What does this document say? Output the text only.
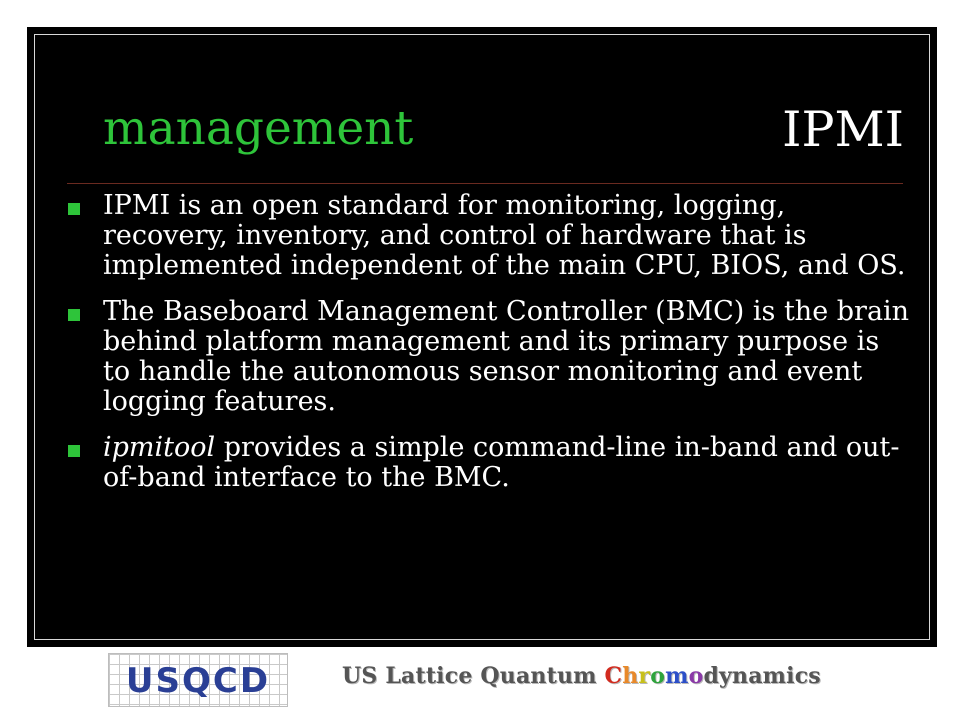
management	IPMI
IPMI is an open standard for monitoring, logging, recovery, inventory, and control of hardware that is implemented independent of the main CPU, BIOS, and OS.
The Baseboard Management Controller (BMC) is the brain behind platform management and its primary purpose is to handle the autonomous sensor monitoring and event logging features.
ipmitool provides a simple command-line in-band and out-of-band interface to the BMC.
USQCD	US Lattice Quantum Chromodynamics
